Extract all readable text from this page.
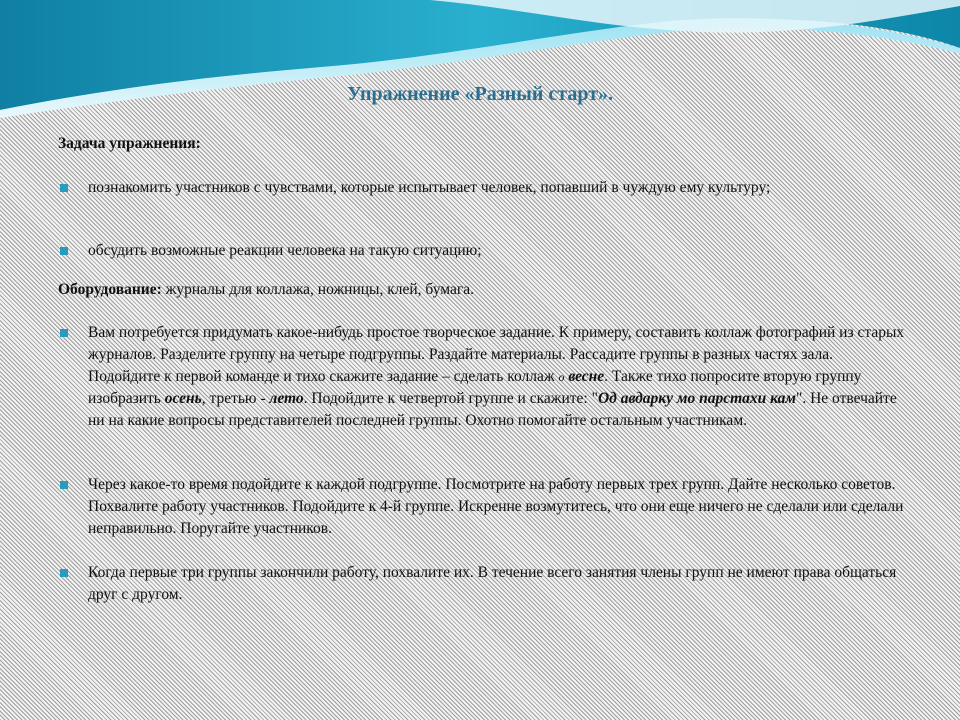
Упражнение «Разный старт».
Задача упражнения:
познакомить участников с чувствами, которые испытывает человек, попавший в чуждую ему культуру;
обсудить возможные реакции человека на такую ситуацию;
Оборудование: журналы для коллажа, ножницы, клей, бумага.
Вам потребуется придумать какое-нибудь простое творческое задание. К примеру, составить коллаж фотографий из старых журналов. Разделите группу на четыре подгруппы. Раздайте материалы. Рассадите группы в разных частях зала. Подойдите к первой команде и тихо скажите задание – сделать коллаж о весне. Также тихо попросите вторую группу изобразить осень, третью - лето. Подойдите к четвертой группе и скажите: "Од авдарку мо парстахи кам". Не отвечайте ни на какие вопросы представителей последней группы. Охотно помогайте остальным участникам.
Через какое-то время подойдите к каждой подгруппе. Посмотрите на работу первых трех групп. Дайте несколько советов. Похвалите работу участников. Подойдите к 4-й группе. Искренне возмутитесь, что они еще ничего не сделали или сделали неправильно. Поругайте участников.
Когда первые три группы закончили работу, похвалите их. В течение всего занятия члены групп не имеют права общаться друг с другом.
